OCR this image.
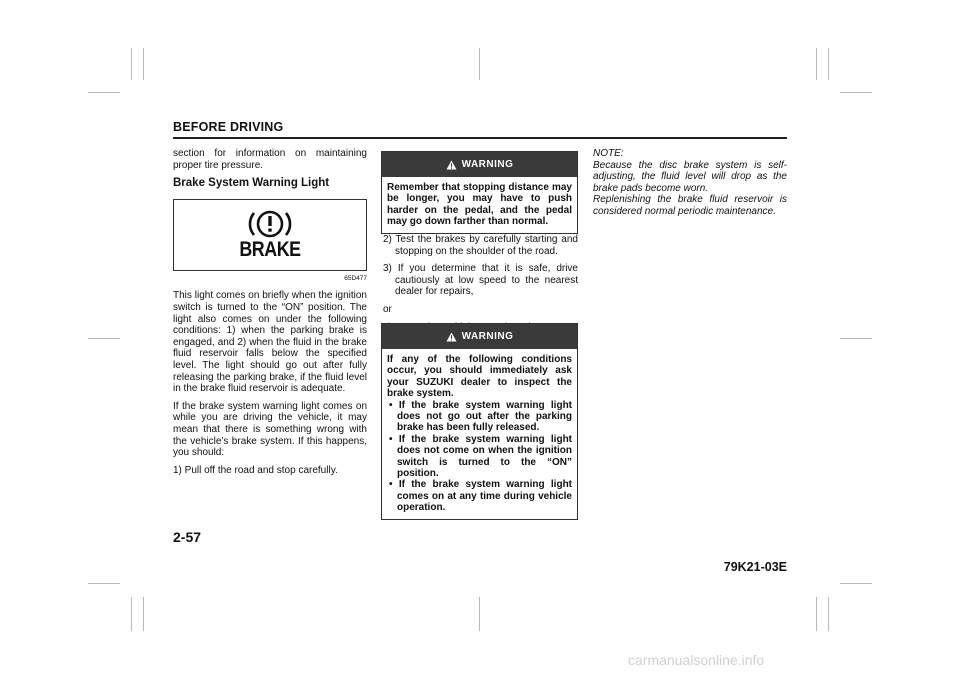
BEFORE DRIVING

section for information on maintaining proper tire pressure.

Brake System Warning Light
BRAKE
65D477

This light comes on briefly when the ignition switch is turned to the “ON” position. The light also comes on under the following conditions: 1) when the parking brake is engaged, and 2) when the fluid in the brake fluid reservoir falls below the specified level. The light should go out after fully releasing the parking brake, if the fluid level in the brake fluid reservoir is adequate.

If the brake system warning light comes on while you are driving the vehicle, it may mean that there is something wrong with the vehicle’s brake system. If this happens, you should:

1) Pull off the road and stop carefully.

WARNING
Remember that stopping distance may be longer, you may have to push harder on the pedal, and the pedal may go down farther than normal.

2) Test the brakes by carefully starting and stopping on the shoulder of the road.

3) If you determine that it is safe, drive cautiously at low speed to the nearest dealer for repairs,

or

WARNING
If any of the following conditions occur, you should immediately ask your SUZUKI dealer to inspect the brake system.
• If the brake system warning light does not go out after the parking brake has been fully released.
• If the brake system warning light does not come on when the ignition switch is turned to the “ON” position.
• If the brake system warning light comes on at any time during vehicle operation.
NOTE:
Because the disc brake system is self-adjusting, the fluid level will drop as the brake pads become worn.
Replenishing the brake fluid reservoir is considered normal periodic maintenance.
2-57
79K21-03E
carmanualsonline.info
